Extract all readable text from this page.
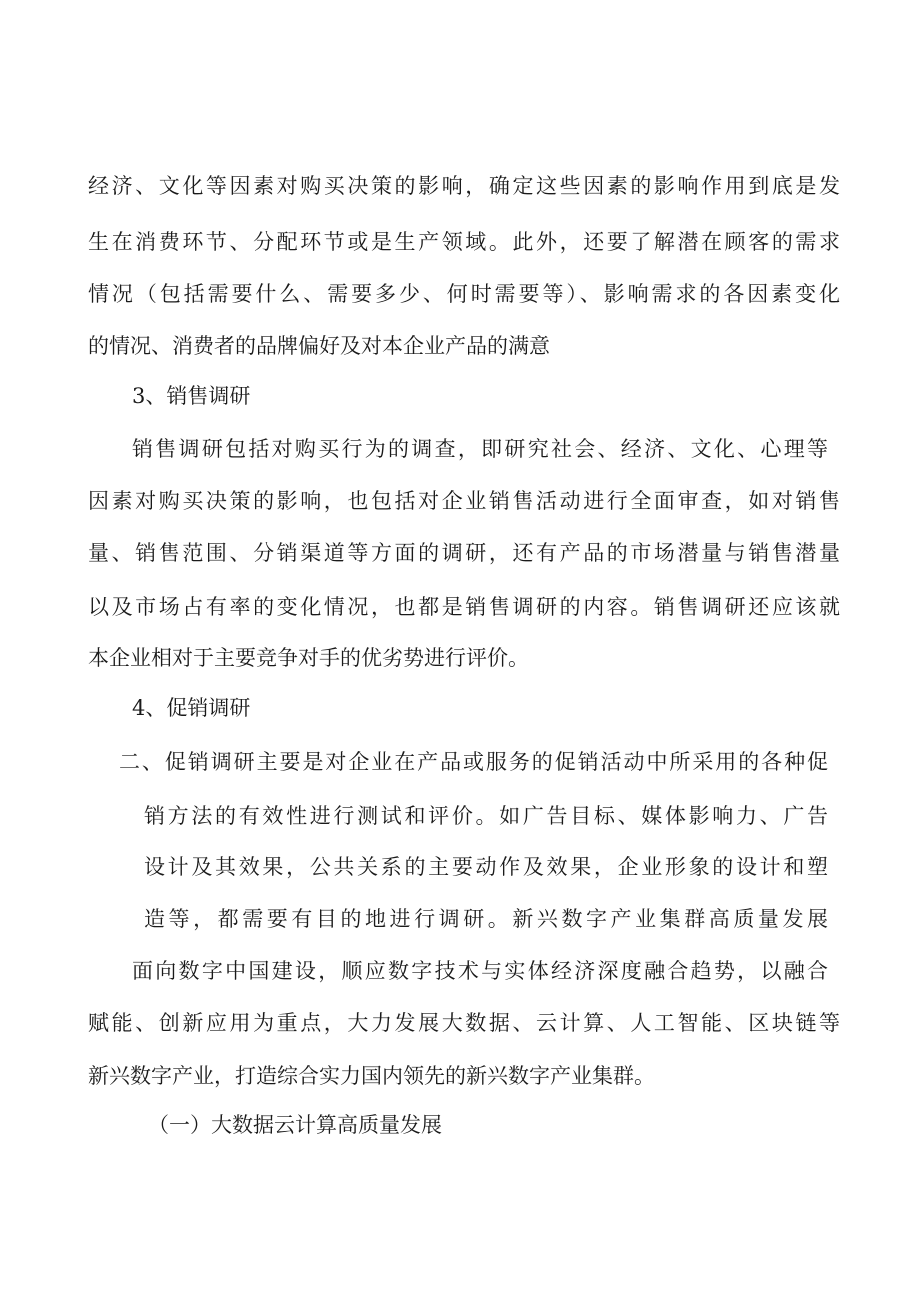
经济、文化等因素对购买决策的影响，确定这些因素的影响作用到底是发

生在消费环节、分配环节或是生产领域。此外，还要了解潜在顾客的需求

情况（包括需要什么、需要多少、何时需要等）、影响需求的各因素变化

的情况、消费者的品牌偏好及对本企业产品的满意

3、销售调研

销售调研包括对购买行为的调查，即研究社会、经济、文化、心理等

因素对购买决策的影响，也包括对企业销售活动进行全面审查，如对销售

量、销售范围、分销渠道等方面的调研，还有产品的市场潜量与销售潜量

以及市场占有率的变化情况，也都是销售调研的内容。销售调研还应该就

本企业相对于主要竞争对手的优劣势进行评价。

4、促销调研

二、促销调研主要是对企业在产品或服务的促销活动中所采用的各种促

销方法的有效性进行测试和评价。如广告目标、媒体影响力、广告

设计及其效果，公共关系的主要动作及效果，企业形象的设计和塑

造等，都需要有目的地进行调研。新兴数字产业集群高质量发展

面向数字中国建设，顺应数字技术与实体经济深度融合趋势，以融合

赋能、创新应用为重点，大力发展大数据、云计算、人工智能、区块链等

新兴数字产业，打造综合实力国内领先的新兴数字产业集群。

（一）大数据云计算高质量发展
